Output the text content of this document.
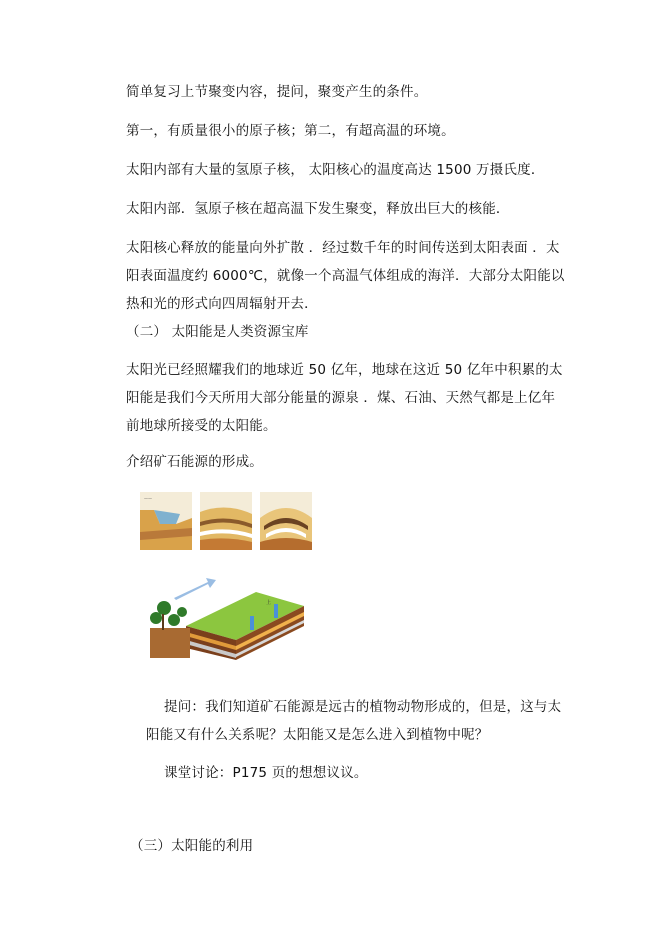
简单复习上节聚变内容，提问，聚变产生的条件。

第一，有质量很小的原子核；第二，有超高温的环境。

太阳内部有大量的氢原子核， 太阳核心的温度高达 1500 万摄氏度．

太阳内部．氢原子核在超高温下发生聚变，释放出巨大的核能．

太阳核心释放的能量向外扩散 ．经过数千年的时间传送到太阳表面 ．太阳表面温度约 6000℃，就像一个高温气体组成的海洋．大部分太阳能以热和光的形式向四周辐射开去．

（二） 太阳能是人类资源宝库

太阳光已经照耀我们的地球近 50 亿年，地球在这近 50 亿年中积累的太阳能是我们今天所用大部分能量的源泉 ．煤、石油、天然气都是上亿年前地球所接受的太阳能。

介绍矿石能源的形成。

——
上

提问：我们知道矿石能源是远古的植物动物形成的，但是，这与太阳能又有什么关系呢？太阳能又是怎么进入到植物中呢？

课堂讨论：P175 页的想想议议。

（三）太阳能的利用
